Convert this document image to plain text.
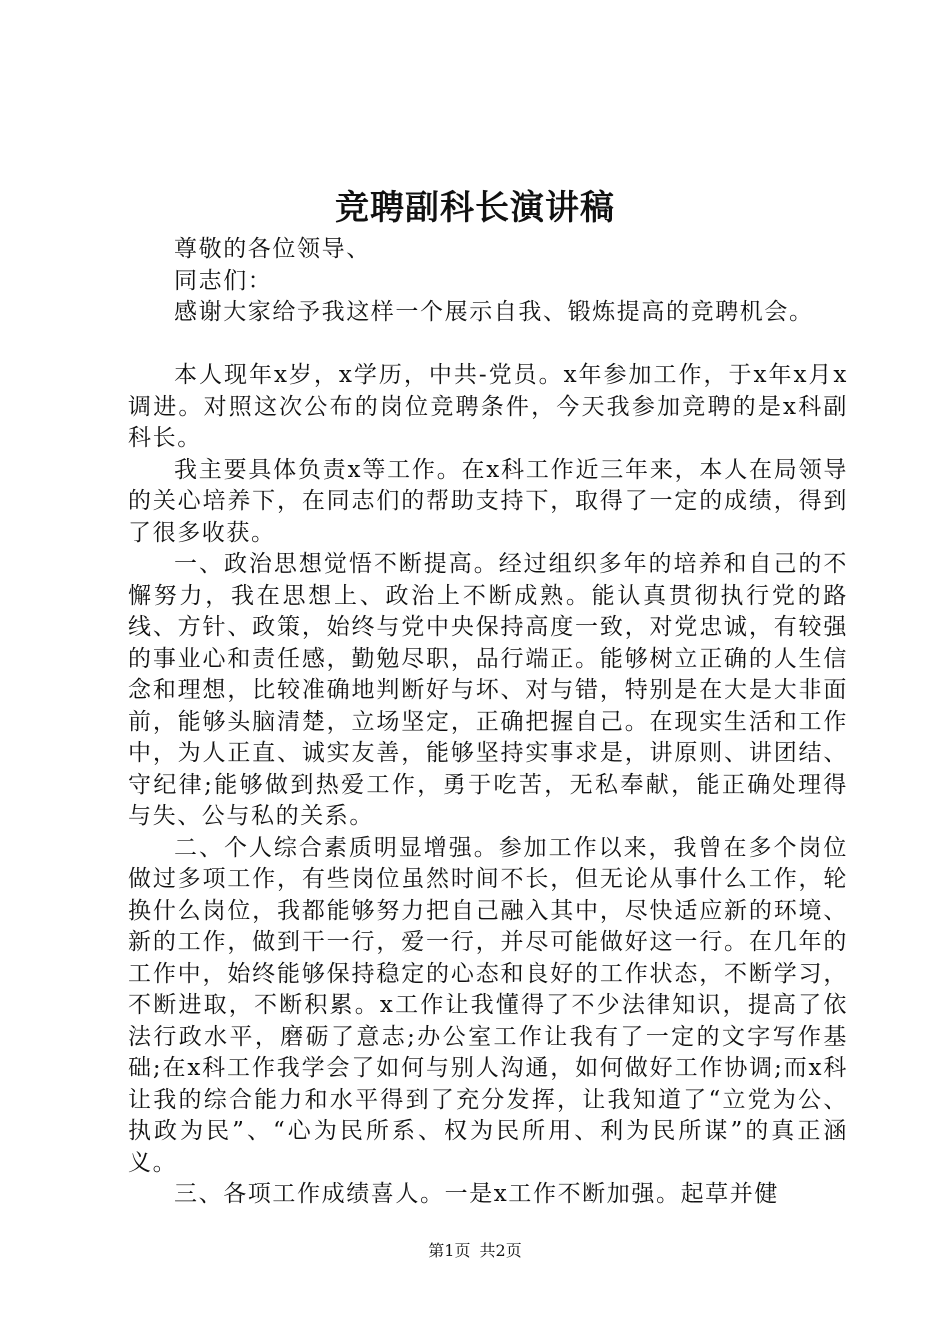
竞聘副科长演讲稿

尊敬的各位领导、

同志们：

感谢大家给予我这样一个展示自我、锻炼提高的竞聘机会。

本人现年x岁，x学历，中共-党员。x年参加工作，于x年x月x调进。对照这次公布的岗位竞聘条件，今天我参加竞聘的是x科副科长。

我主要具体负责x等工作。在x科工作近三年来，本人在局领导的关心培养下，在同志们的帮助支持下，取得了一定的成绩，得到了很多收获。

一、政治思想觉悟不断提高。经过组织多年的培养和自己的不懈努力，我在思想上、政治上不断成熟。能认真贯彻执行党的路线、方针、政策，始终与党中央保持高度一致，对党忠诚，有较强的事业心和责任感，勤勉尽职，品行端正。能够树立正确的人生信念和理想，比较准确地判断好与坏、对与错，特别是在大是大非面前，能够头脑清楚，立场坚定，正确把握自己。在现实生活和工作中，为人正直、诚实友善，能够坚持实事求是，讲原则、讲团结、守纪律;能够做到热爱工作，勇于吃苦，无私奉献，能正确处理得与失、公与私的关系。

二、个人综合素质明显增强。参加工作以来，我曾在多个岗位做过多项工作，有些岗位虽然时间不长，但无论从事什么工作，轮换什么岗位，我都能够努力把自己融入其中，尽快适应新的环境、新的工作，做到干一行，爱一行，并尽可能做好这一行。在几年的工作中，始终能够保持稳定的心态和良好的工作状态，不断学习，不断进取，不断积累。x工作让我懂得了不少法律知识，提高了依法行政水平，磨砺了意志;办公室工作让我有了一定的文字写作基础;在x科工作我学会了如何与别人沟通，如何做好工作协调;而x科让我的综合能力和水平得到了充分发挥，让我知道了“立党为公、执政为民”、“心为民所系、权为民所用、利为民所谋”的真正涵义。

三、各项工作成绩喜人。一是x工作不断加强。起草并健

第1页 共2页
